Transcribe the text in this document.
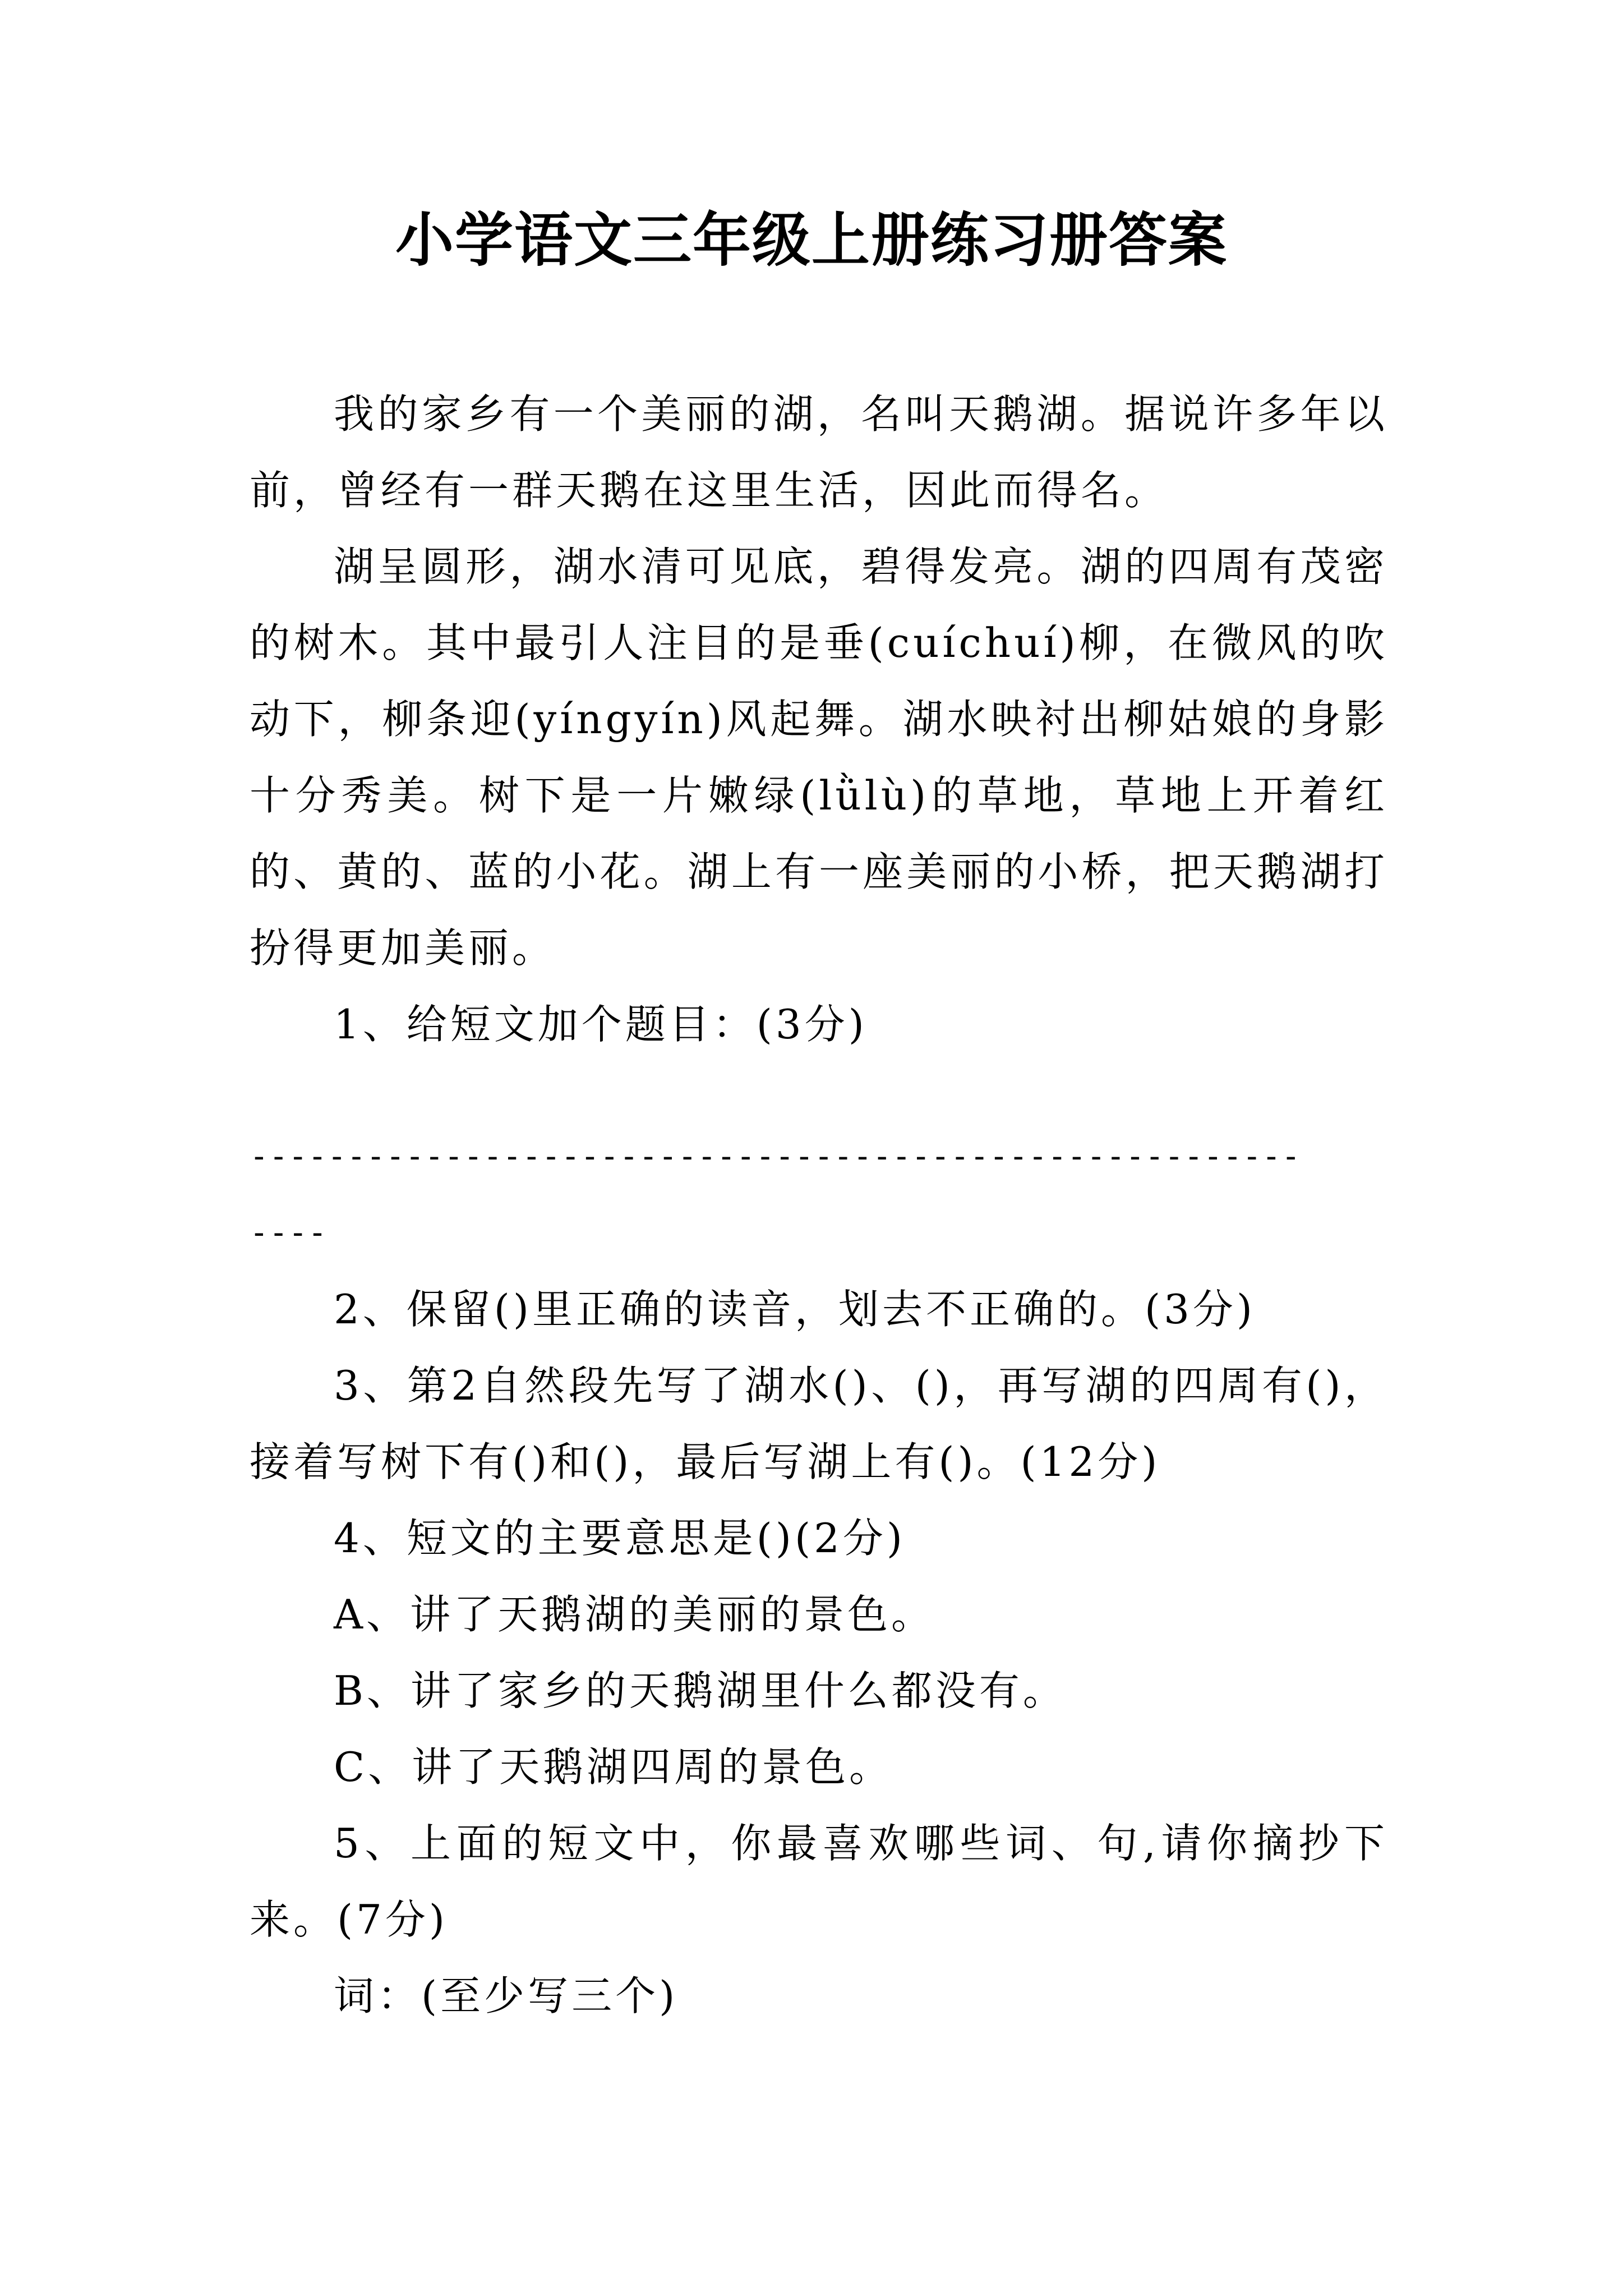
小学语文三年级上册练习册答案

我的家乡有一个美丽的湖，名叫天鹅湖。据说许多年以前，曾经有一群天鹅在这里生活，因此而得名。

湖呈圆形，湖水清可见底，碧得发亮。湖的四周有茂密的树木。其中最引人注目的是垂(cuíchuí)柳，在微风的吹动下，柳条迎(yíngyín)风起舞。湖水映衬出柳姑娘的身影十分秀美。树下是一片嫩绿(lǜlù)的草地，草地上开着红的、黄的、蓝的小花。湖上有一座美丽的小桥，把天鹅湖打扮得更加美丽。

1、给短文加个题目：(3分)

------------------------------------------------------

----

2、保留()里正确的读音，划去不正确的。(3分)

3、第2自然段先写了湖水()、()，再写湖的四周有()，接着写树下有()和()，最后写湖上有()。(12分)

4、短文的主要意思是()(2分)

A、讲了天鹅湖的美丽的景色。

B、讲了家乡的天鹅湖里什么都没有。

C、讲了天鹅湖四周的景色。

5、上面的短文中，你最喜欢哪些词、句,请你摘抄下来。(7分)

词：(至少写三个)
